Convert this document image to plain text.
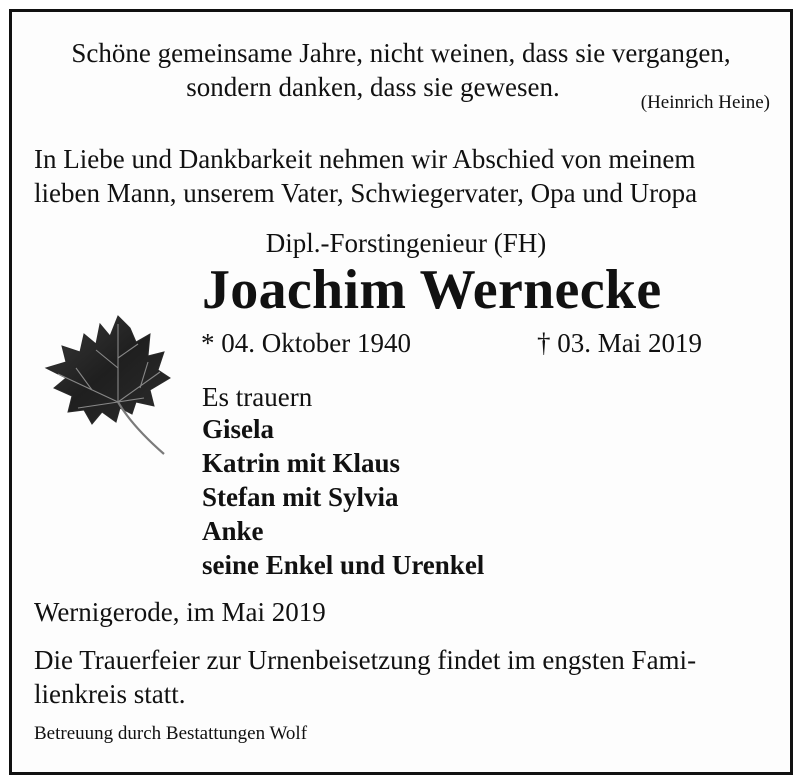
Schöne gemeinsame Jahre, nicht weinen, dass sie vergangen,
sondern danken, dass sie gewesen.
(Heinrich Heine)
In Liebe und Dankbarkeit nehmen wir Abschied von meinem
lieben Mann, unserem Vater, Schwiegervater, Opa und Uropa
Dipl.-Forstingenieur (FH)
Joachim Wernecke
* 04. Oktober 1940	† 03. Mai 2019
Es trauern
Gisela
Katrin mit Klaus
Stefan mit Sylvia
Anke
seine Enkel und Urenkel
Wernigerode, im Mai 2019
Die Trauerfeier zur Urnenbeisetzung findet im engsten Fami-
lienkreis statt.
Betreuung durch Bestattungen Wolf
